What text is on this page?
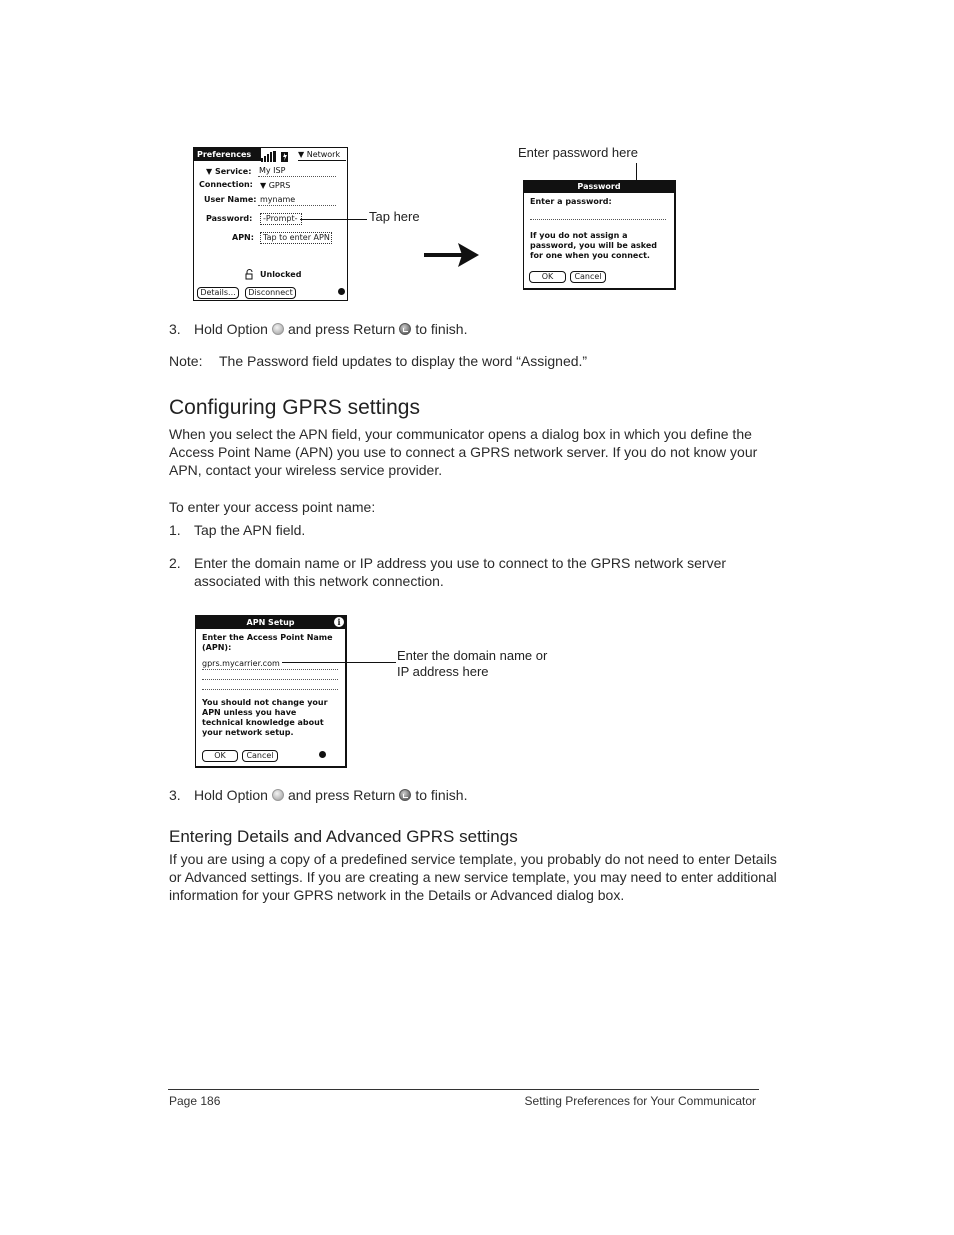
Preferences	▼ Network
▼ Service: My ISP
Connection: ▼ GPRS
User Name: myname
Password:	-Prompt-
APN:	Tap to enter APN
Unlocked
Details...	Disconnect
Tap here
Enter password here
Password
Enter a password:
If you do not assign a
password, you will be asked
for one when you connect.
OK	Cancel
3. Hold Option and press Return to finish.
Note: The Password field updates to display the word “Assigned.”
Configuring GPRS settings
When you select the APN field, your communicator opens a dialog box in which you define the
Access Point Name (APN) you use to connect a GPRS network server. If you do not know your
APN, contact your wireless service provider.
To enter your access point name:
1. Tap the APN field.
2. Enter the domain name or IP address you use to connect to the GPRS network server
associated with this network connection.
APN Setup	i
Enter the Access Point Name
(APN):
gprs.mycarrier.com
You should not change your
APN unless you have
technical knowledge about
your network setup.
OK	Cancel
Enter the domain name or
IP address here
3. Hold Option and press Return to finish.
Entering Details and Advanced GPRS settings
If you are using a copy of a predefined service template, you probably do not need to enter Details
or Advanced settings. If you are creating a new service template, you may need to enter additional
information for your GPRS network in the Details or Advanced dialog box.
Page 186	Setting Preferences for Your Communicator
